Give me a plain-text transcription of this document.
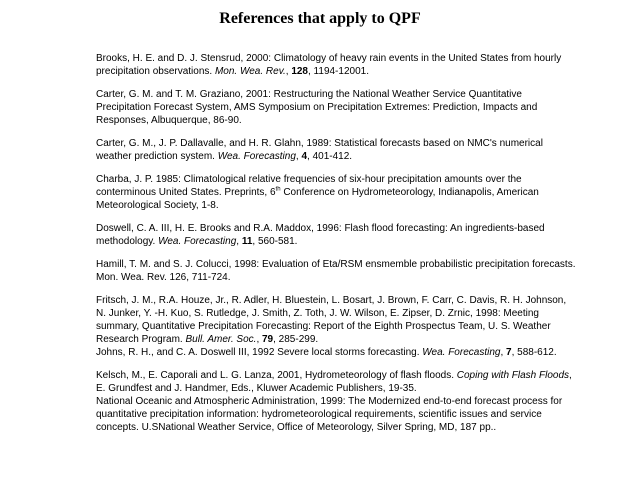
References that apply to QPF

Brooks, H. E. and D. J. Stensrud, 2000: Climatology of heavy rain events in the United States from hourly precipitation observations. Mon. Wea. Rev., 128, 1194-12001.

Carter, G. M. and T. M. Graziano, 2001: Restructuring the National Weather Service Quantitative Precipitation Forecast System, AMS Symposium on Precipitation Extremes: Prediction, Impacts and Responses, Albuquerque, 86-90.

Carter, G. M., J. P. Dallavalle, and H. R. Glahn, 1989: Statistical forecasts based on NMC's numerical weather prediction system. Wea. Forecasting, 4, 401-412.

Charba, J. P. 1985: Climatological relative frequencies of six-hour precipitation amounts over the conterminous United States. Preprints, 6th Conference on Hydrometeorology, Indianapolis, American Meteorological Society, 1-8.

Doswell, C. A. III, H. E. Brooks and R.A. Maddox, 1996: Flash flood forecasting: An ingredients-based methodology. Wea. Forecasting, 11, 560-581.

Hamill, T. M. and S. J. Colucci, 1998: Evaluation of Eta/RSM ensmemble probabilistic precipitation forecasts. Mon. Wea. Rev. 126, 711-724.

Fritsch, J. M., R.A. Houze, Jr., R. Adler, H. Bluestein, L. Bosart, J. Brown, F. Carr, C. Davis, R. H. Johnson, N. Junker, Y. -H. Kuo, S. Rutledge, J. Smith, Z. Toth, J. W. Wilson, E. Zipser, D. Zrnic, 1998: Meeting summary, Quantitative Precipitation Forecasting: Report of the Eighth Prospectus Team, U. S. Weather Research Program. Bull. Amer. Soc., 79, 285-299.

Johns, R. H., and C. A. Doswell III, 1992 Severe local storms forecasting. Wea. Forecasting, 7, 588-612.

Kelsch, M., E. Caporali and L. G. Lanza, 2001, Hydrometeorology of flash floods. Coping with Flash Floods, E. Grundfest and J. Handmer, Eds., Kluwer Academic Publishers, 19-35.

National Oceanic and Atmospheric Administration, 1999: The Modernized end-to-end forecast process for quantitative precipitation information: hydrometeorological requirements, scientific issues and service concepts. U.SNational Weather Service, Office of Meteorology, Silver Spring, MD, 187 pp..
